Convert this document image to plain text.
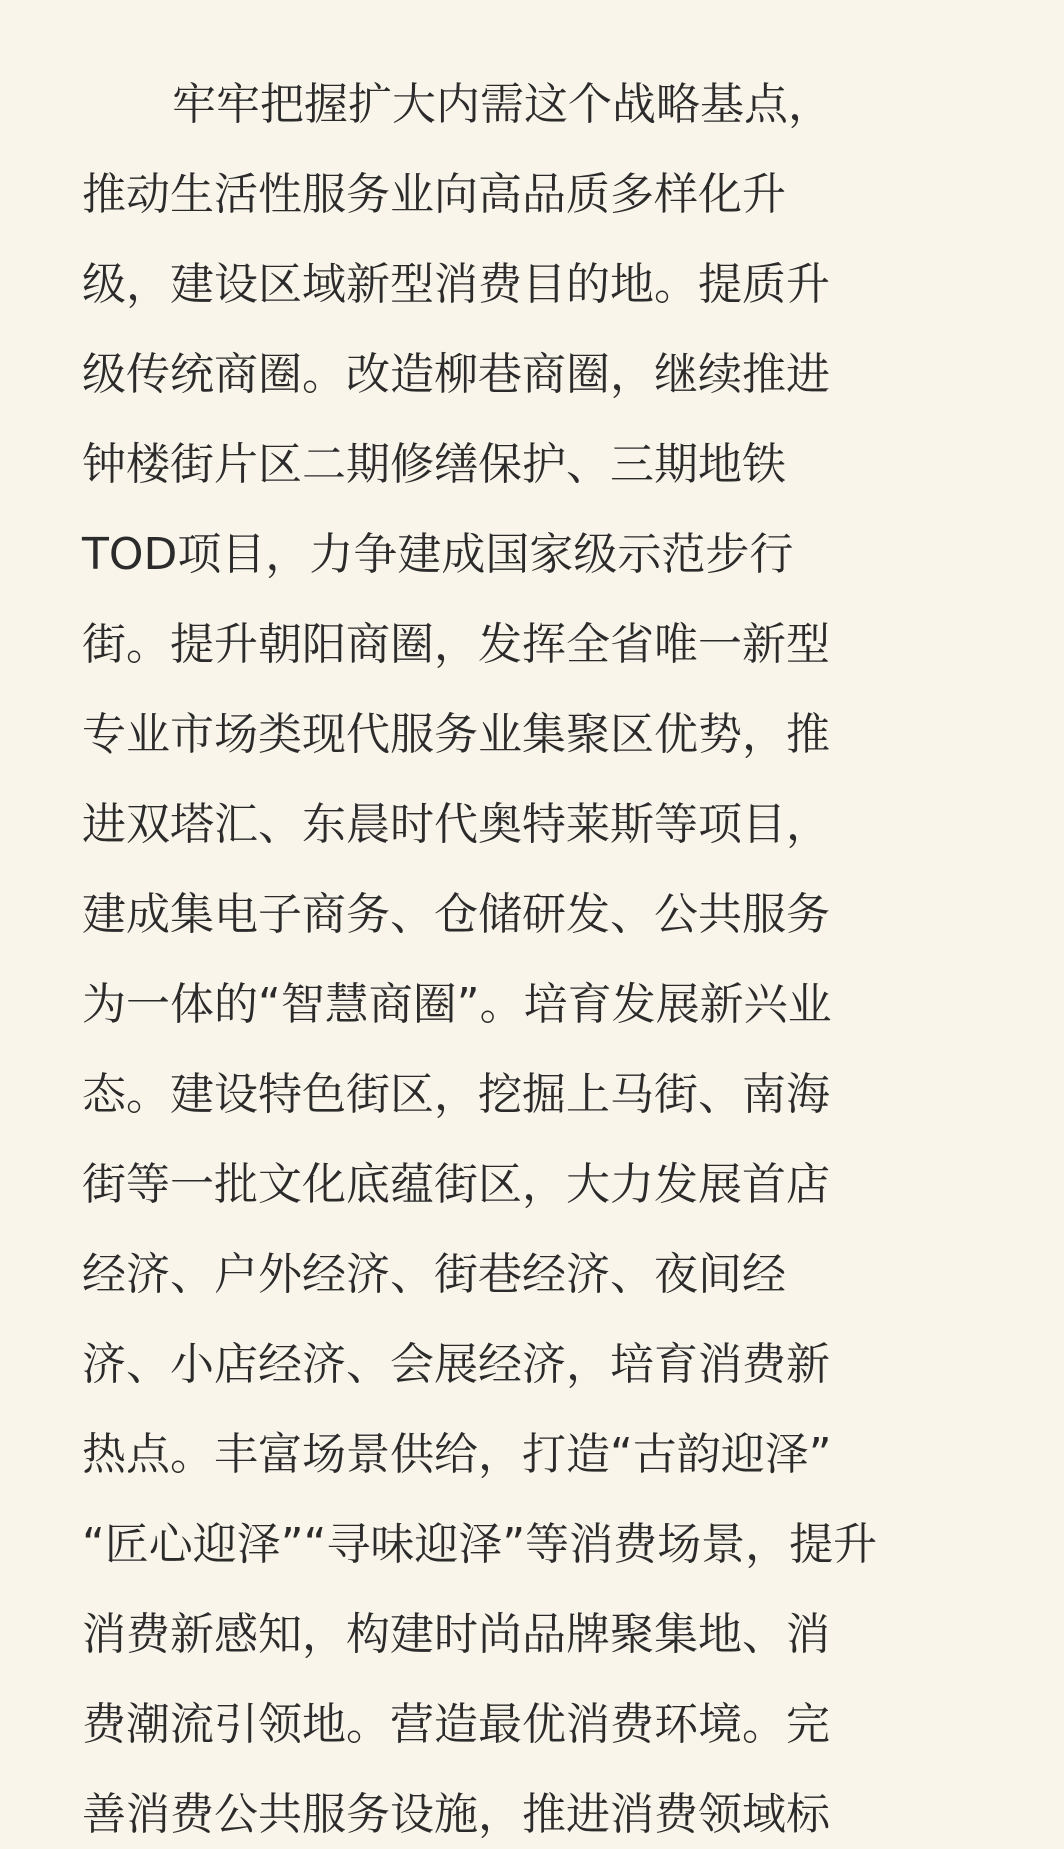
牢牢把握扩大内需这个战略基点，
推动生活性服务业向高品质多样化升
级，建设区域新型消费目的地。提质升
级传统商圈。改造柳巷商圈，继续推进
钟楼街片区二期修缮保护、三期地铁
TOD项目，力争建成国家级示范步行
街。提升朝阳商圈，发挥全省唯一新型
专业市场类现代服务业集聚区优势，推
进双塔汇、东晨时代奥特莱斯等项目，
建成集电子商务、仓储研发、公共服务
为一体的“智慧商圈”。培育发展新兴业
态。建设特色街区，挖掘上马街、南海
街等一批文化底蕴街区，大力发展首店
经济、户外经济、街巷经济、夜间经
济、小店经济、会展经济，培育消费新
热点。丰富场景供给，打造“古韵迎泽”
“匠心迎泽”“寻味迎泽”等消费场景，提升
消费新感知，构建时尚品牌聚集地、消
费潮流引领地。营造最优消费环境。完
善消费公共服务设施，推进消费领域标
